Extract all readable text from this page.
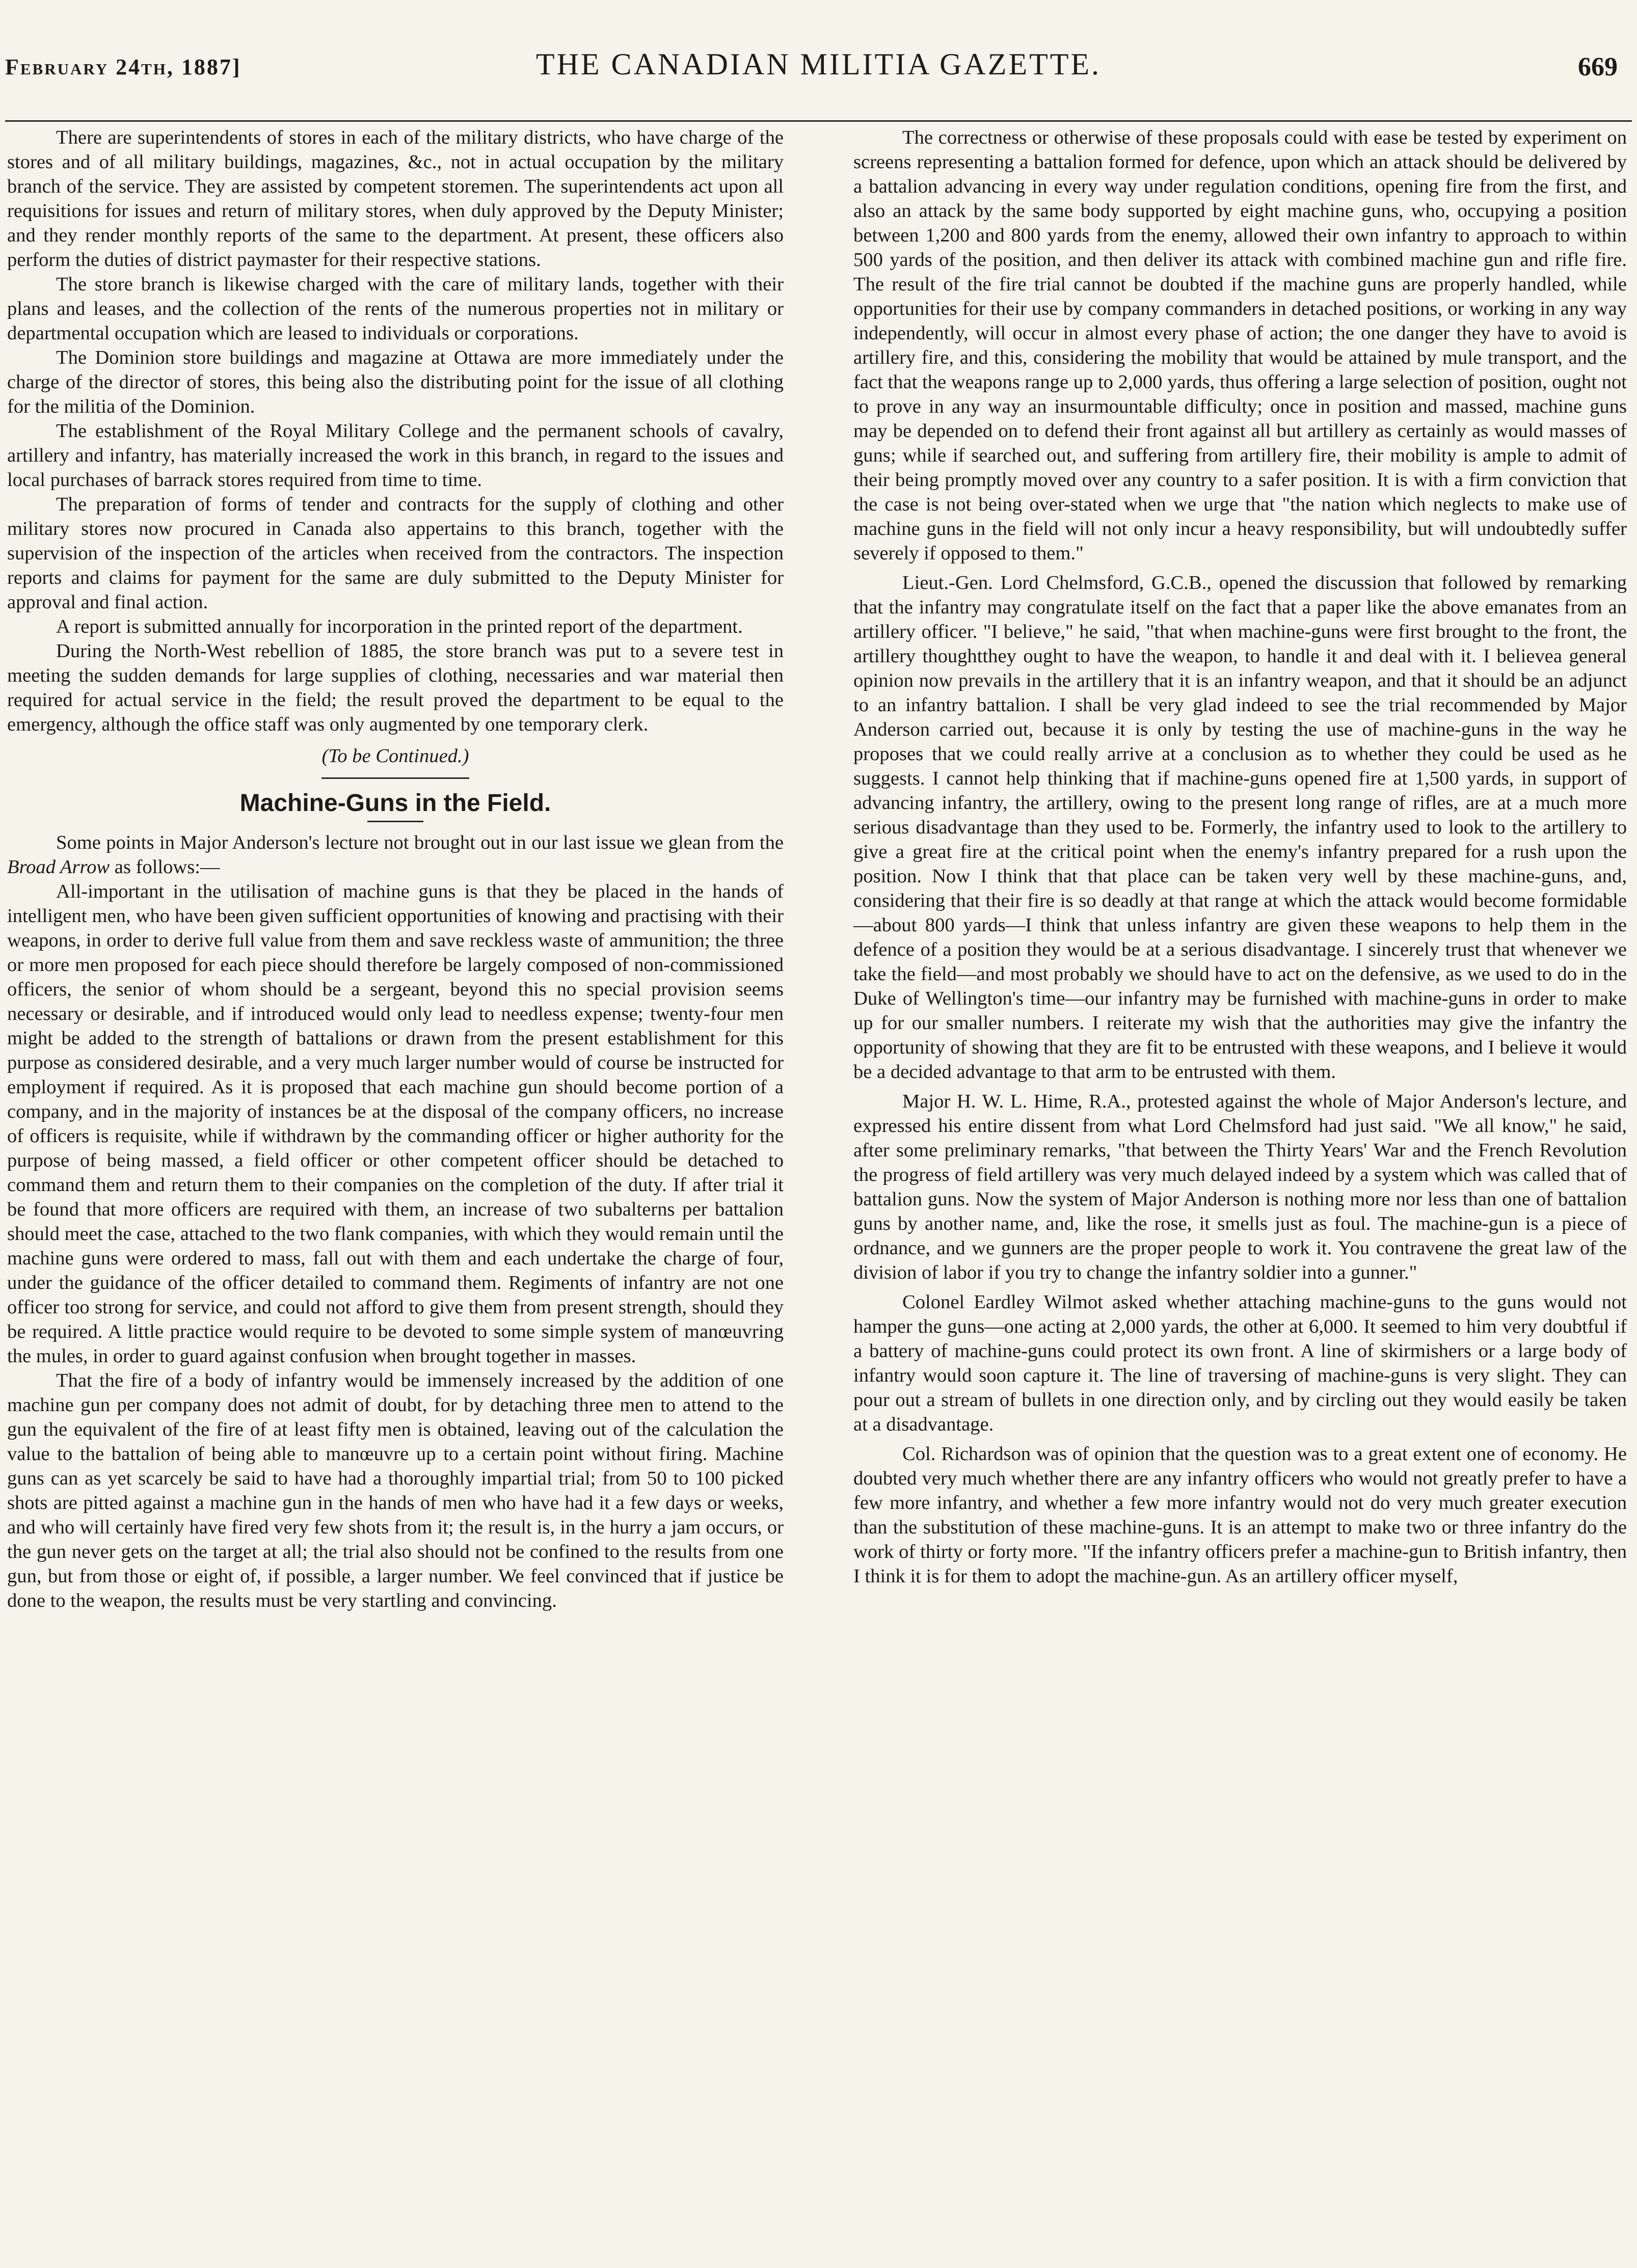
February 24th, 1887]	THE CANADIAN MILITIA GAZETTE.	669

There are superintendents of stores in each of the military districts, who have charge of the stores and of all military buildings, magazines, &c., not in actual occupation by the military branch of the service. They are assisted by competent storemen. The superintendents act upon all requisitions for issues and return of military stores, when duly approved by the Deputy Minister; and they render monthly reports of the same to the department. At present, these officers also perform the duties of district paymaster for their respective stations.

The store branch is likewise charged with the care of military lands, together with their plans and leases, and the collection of the rents of the numerous properties not in military or departmental occupation which are leased to individuals or corporations.

The Dominion store buildings and magazine at Ottawa are more immediately under the charge of the director of stores, this being also the distributing point for the issue of all clothing for the militia of the Dominion.

The establishment of the Royal Military College and the permanent schools of cavalry, artillery and infantry, has materially increased the work in this branch, in regard to the issues and local purchases of barrack stores required from time to time.

The preparation of forms of tender and contracts for the supply of clothing and other military stores now procured in Canada also appertains to this branch, together with the supervision of the inspection of the articles when received from the contractors. The inspection reports and claims for payment for the same are duly submitted to the Deputy Minister for approval and final action.

A report is submitted annually for incorporation in the printed report of the department.

During the North-West rebellion of 1885, the store branch was put to a severe test in meeting the sudden demands for large supplies of clothing, necessaries and war material then required for actual service in the field; the result proved the department to be equal to the emergency, although the office staff was only augmented by one temporary clerk.

(To be Continued.)
Machine-Guns in the Field.

Some points in Major Anderson's lecture not brought out in our last issue we glean from the Broad Arrow as follows:—

All-important in the utilisation of machine guns is that they be placed in the hands of intelligent men, who have been given sufficient opportunities of knowing and practising with their weapons, in order to derive full value from them and save reckless waste of ammunition; the three or more men proposed for each piece should therefore be largely composed of non-commissioned officers, the senior of whom should be a sergeant, beyond this no special provision seems necessary or desirable, and if introduced would only lead to needless expense; twenty-four men might be added to the strength of battalions or drawn from the present establishment for this purpose as considered desirable, and a very much larger number would of course be instructed for employment if required. As it is proposed that each machine gun should become portion of a company, and in the majority of instances be at the disposal of the company officers, no increase of officers is requisite, while if withdrawn by the commanding officer or higher authority for the purpose of being massed, a field officer or other competent officer should be detached to command them and return them to their companies on the completion of the duty. If after trial it be found that more officers are required with them, an increase of two subalterns per battalion should meet the case, attached to the two flank companies, with which they would remain until the machine guns were ordered to mass, fall out with them and each undertake the charge of four, under the guidance of the officer detailed to command them. Regiments of infantry are not one officer too strong for service, and could not afford to give them from present strength, should they be required. A little practice would require to be devoted to some simple system of manœuvring the mules, in order to guard against confusion when brought together in masses.

That the fire of a body of infantry would be immensely increased by the addition of one machine gun per company does not admit of doubt, for by detaching three men to attend to the gun the equivalent of the fire of at least fifty men is obtained, leaving out of the calculation the value to the battalion of being able to manœuvre up to a certain point without firing. Machine guns can as yet scarcely be said to have had a thoroughly impartial trial; from 50 to 100 picked shots are pitted against a machine gun in the hands of men who have had it a few days or weeks, and who will certainly have fired very few shots from it; the result is, in the hurry a jam occurs, or the gun never gets on the target at all; the trial also should not be confined to the results from one gun, but from those or eight of, if possible, a larger number. We feel convinced that if justice be done to the weapon, the results must be very startling and convincing.

The correctness or otherwise of these proposals could with ease be tested by experiment on screens representing a battalion formed for defence, upon which an attack should be delivered by a battalion advancing in every way under regulation conditions, opening fire from the first, and also an attack by the same body supported by eight machine guns, who, occupying a position between 1,200 and 800 yards from the enemy, allowed their own infantry to approach to within 500 yards of the position, and then deliver its attack with combined machine gun and rifle fire. The result of the fire trial cannot be doubted if the machine guns are properly handled, while opportunities for their use by company commanders in detached positions, or working in any way independently, will occur in almost every phase of action; the one danger they have to avoid is artillery fire, and this, considering the mobility that would be attained by mule transport, and the fact that the weapons range up to 2,000 yards, thus offering a large selection of position, ought not to prove in any way an insurmountable difficulty; once in position and massed, machine guns may be depended on to defend their front against all but artillery as certainly as would masses of guns; while if searched out, and suffering from artillery fire, their mobility is ample to admit of their being promptly moved over any country to a safer position. It is with a firm conviction that the case is not being over-stated when we urge that "the nation which neglects to make use of machine guns in the field will not only incur a heavy responsibility, but will undoubtedly suffer severely if opposed to them."

Lieut.-Gen. Lord Chelmsford, G.C.B., opened the discussion that followed by remarking that the infantry may congratulate itself on the fact that a paper like the above emanates from an artillery officer. "I believe," he said, "that when machine-guns were first brought to the front, the artillery thoughtthey ought to have the weapon, to handle it and deal with it. I believea general opinion now prevails in the artillery that it is an infantry weapon, and that it should be an adjunct to an infantry battalion. I shall be very glad indeed to see the trial recommended by Major Anderson carried out, because it is only by testing the use of machine-guns in the way he proposes that we could really arrive at a conclusion as to whether they could be used as he suggests. I cannot help thinking that if machine-guns opened fire at 1,500 yards, in support of advancing infantry, the artillery, owing to the present long range of rifles, are at a much more serious disadvantage than they used to be. Formerly, the infantry used to look to the artillery to give a great fire at the critical point when the enemy's infantry prepared for a rush upon the position. Now I think that that place can be taken very well by these machine-guns, and, considering that their fire is so deadly at that range at which the attack would become formidable—about 800 yards—I think that unless infantry are given these weapons to help them in the defence of a position they would be at a serious disadvantage. I sincerely trust that whenever we take the field—and most probably we should have to act on the defensive, as we used to do in the Duke of Wellington's time—our infantry may be furnished with machine-guns in order to make up for our smaller numbers. I reiterate my wish that the authorities may give the infantry the opportunity of showing that they are fit to be entrusted with these weapons, and I believe it would be a decided advantage to that arm to be entrusted with them.

Major H. W. L. Hime, R.A., protested against the whole of Major Anderson's lecture, and expressed his entire dissent from what Lord Chelmsford had just said. "We all know," he said, after some preliminary remarks, "that between the Thirty Years' War and the French Revolution the progress of field artillery was very much delayed indeed by a system which was called that of battalion guns. Now the system of Major Anderson is nothing more nor less than one of battalion guns by another name, and, like the rose, it smells just as foul. The machine-gun is a piece of ordnance, and we gunners are the proper people to work it. You contravene the great law of the division of labor if you try to change the infantry soldier into a gunner."

Colonel Eardley Wilmot asked whether attaching machine-guns to the guns would not hamper the guns—one acting at 2,000 yards, the other at 6,000. It seemed to him very doubtful if a battery of machine-guns could protect its own front. A line of skirmishers or a large body of infantry would soon capture it. The line of traversing of machine-guns is very slight. They can pour out a stream of bullets in one direction only, and by circling out they would easily be taken at a disadvantage.

Col. Richardson was of opinion that the question was to a great extent one of economy. He doubted very much whether there are any infantry officers who would not greatly prefer to have a few more infantry, and whether a few more infantry would not do very much greater execution than the substitution of these machine-guns. It is an attempt to make two or three infantry do the work of thirty or forty more. "If the infantry officers prefer a machine-gun to British infantry, then I think it is for them to adopt the machine-gun. As an artillery officer myself,
